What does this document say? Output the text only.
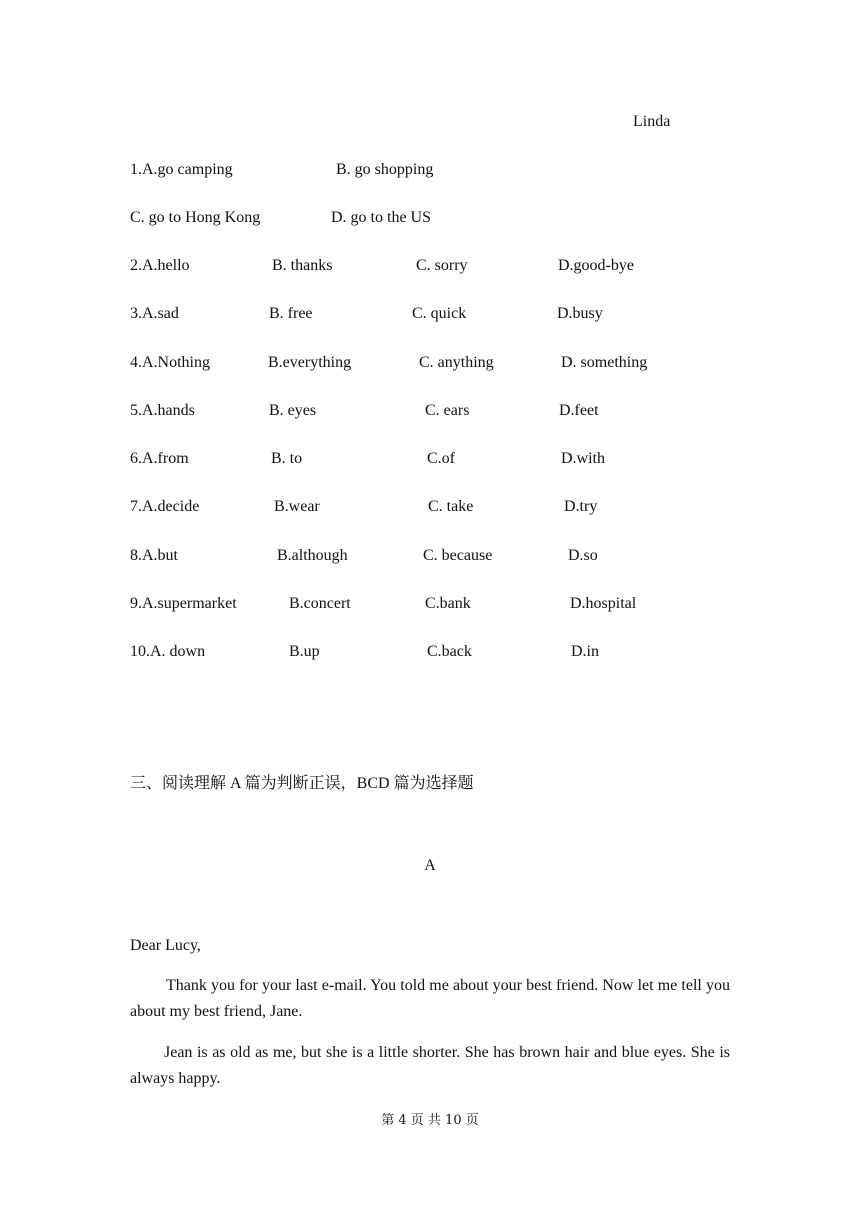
Linda
1.A.go camping	B. go shopping
C. go to Hong Kong	D. go to the US
2.A.hello	B. thanks	C. sorry	D.good-bye
3.A.sad	B. free	C. quick	D.busy
4.A.Nothing	B.everything	C. anything	D. something
5.A.hands	B. eyes	C. ears	D.feet
6.A.from	B. to	C.of	D.with
7.A.decide	B.wear	C. take	D.try
8.A.but	B.although	C. because	D.so
9.A.supermarket	B.concert	C.bank	D.hospital
10.A. down	B.up	C.back	D.in
三、阅读理解 A 篇为判断正误，BCD 篇为选择题
A
Dear Lucy,
Thank you for your last e-mail. You told me about your best friend. Now let me tell you about my best friend, Jane.
Jean is as old as me, but she is a little shorter. She has brown hair and blue eyes. She is always happy.
第 4 页 共 10 页
